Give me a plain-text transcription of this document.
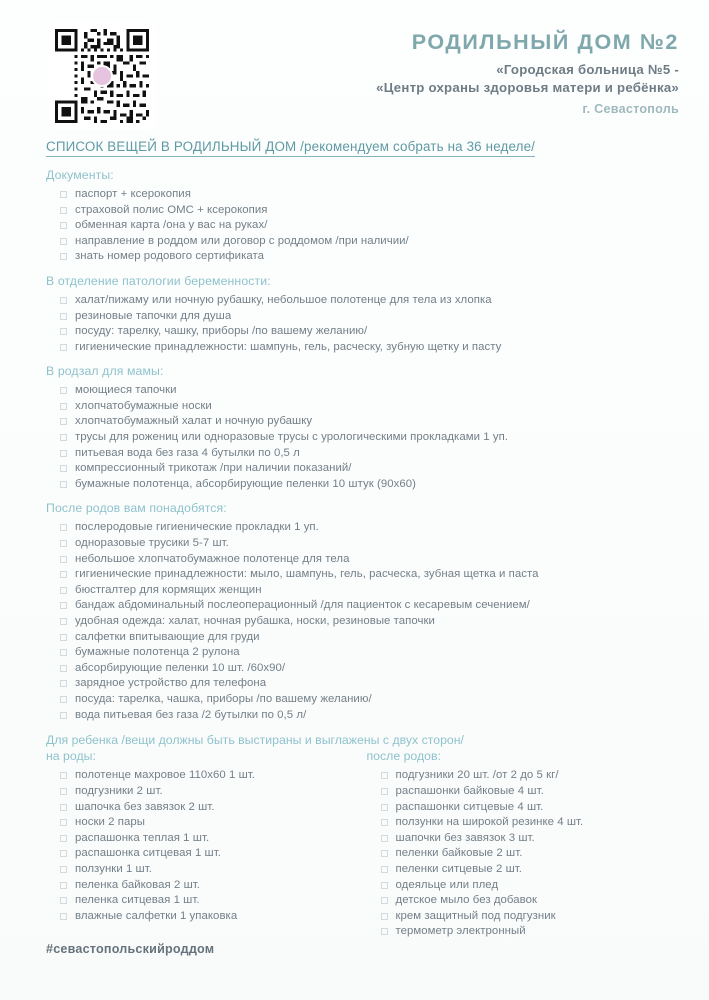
РОДИЛЬНЫЙ ДОМ №2
«Городская больница №5 -
«Центр охраны здоровья матери и ребёнка»
г. Севастополь
СПИСОК ВЕЩЕЙ В РОДИЛЬНЫЙ ДОМ /рекомендуем собрать на 36 неделе/
Документы:
паспорт + ксерокопия
страховой полис ОМС + ксерокопия
обменная карта /она у вас на руках/
направление в роддом или договор с роддомом /при наличии/
знать номер родового сертификата
В отделение патологии беременности:
халат/пижаму или ночную рубашку, небольшое полотенце для тела из хлопка
резиновые тапочки для душа
посуду: тарелку, чашку, приборы /по вашему желанию/
гигиенические принадлежности: шампунь, гель, расческу, зубную щетку и пасту
В родзал для мамы:
моющиеся тапочки
хлопчатобумажные носки
хлопчатобумажный халат и ночную рубашку
трусы для рожениц или одноразовые трусы с урологическими прокладками 1 уп.
питьевая вода без газа 4 бутылки по 0,5 л
компрессионный трикотаж /при наличии показаний/
бумажные полотенца, абсорбирующие пеленки 10 штук (90х60)
После родов вам понадобятся:
послеродовые гигиенические прокладки 1 уп.
одноразовые трусики 5-7 шт.
небольшое хлопчатобумажное полотенце для тела
гигиенические принадлежности: мыло, шампунь, гель, расческа, зубная щетка и паста
бюстгалтер для кормящих женщин
бандаж абдоминальный послеоперационный /для пациенток с кесаревым сечением/
удобная одежда: халат, ночная рубашка, носки, резиновые тапочки
салфетки впитывающие для груди
бумажные полотенца 2 рулона
абсорбирующие пеленки 10 шт. /60х90/
зарядное устройство для телефона
посуда: тарелка, чашка, приборы /по вашему желанию/
вода питьевая без газа /2 бутылки по 0,5 л/
Для ребенка /вещи должны быть выстираны и выглажены с двух сторон/
на роды:
полотенце махровое 110х60 1 шт.
подгузники 2 шт.
шапочка без завязок 2 шт.
носки 2 пары
распашонка теплая 1 шт.
распашонка ситцевая 1 шт.
ползунки 1 шт.
пеленка байковая 2 шт.
пеленка ситцевая 1 шт.
влажные салфетки 1 упаковка
после родов:
подгузники 20 шт. /от 2 до 5 кг/
распашонки байковые 4 шт.
распашонки ситцевые 4 шт.
ползунки на широкой резинке 4 шт.
шапочки без завязок 3 шт.
пеленки байковые 2 шт.
пеленки ситцевые 2 шт.
одеяльце или плед
детское мыло без добавок
крем защитный под подгузник
термометр электронный
#севастопольскийроддом
